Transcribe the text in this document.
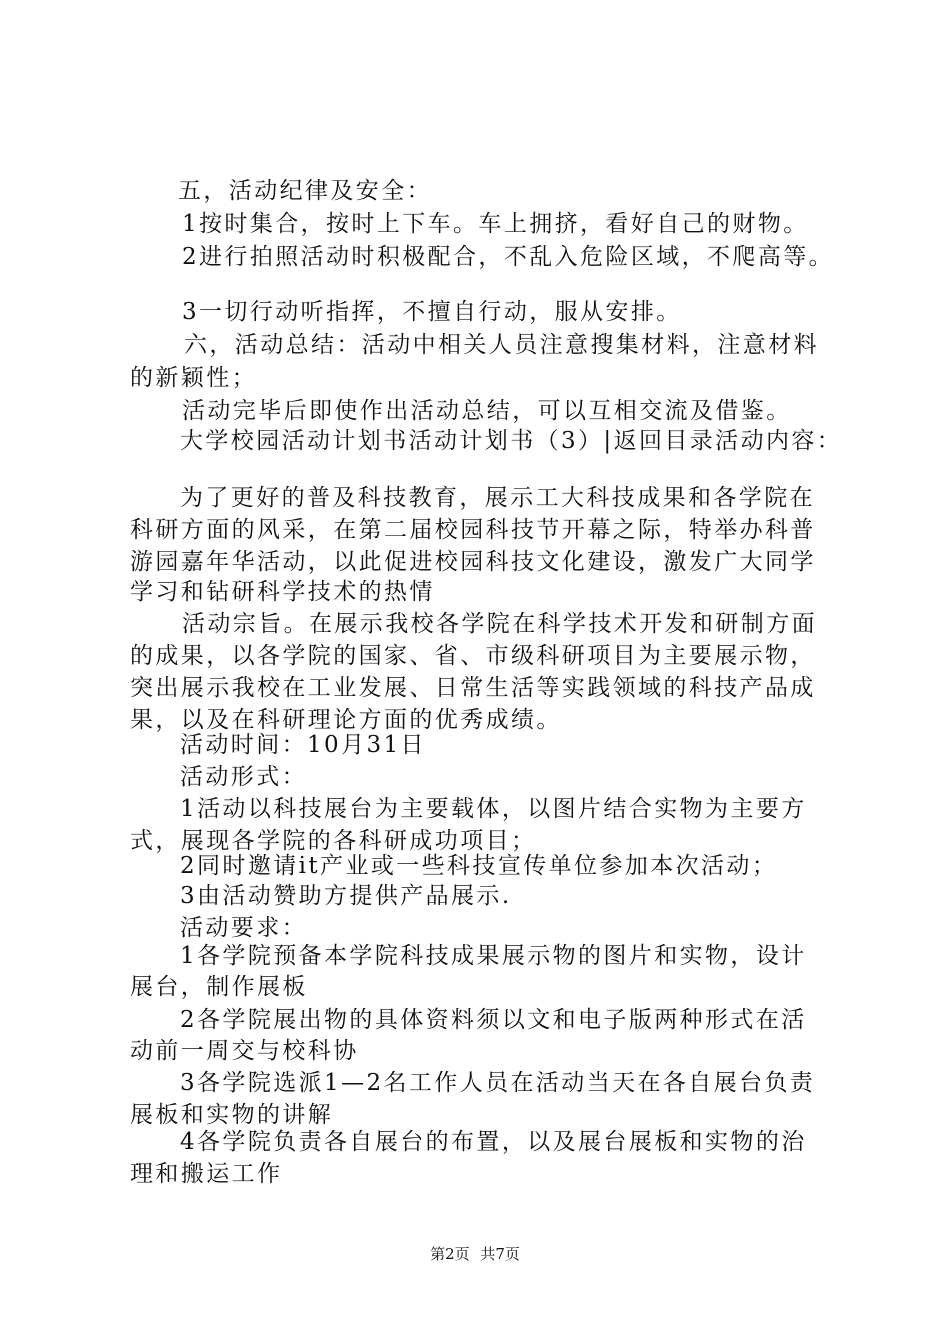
五，活动纪律及安全：
1按时集合，按时上下车。车上拥挤，看好自己的财物。
2进行拍照活动时积极配合，不乱入危险区域，不爬高等。
3一切行动听指挥，不擅自行动，服从安排。
六，活动总结：活动中相关人员注意搜集材料，注意材料
的新颖性；
活动完毕后即使作出活动总结，可以互相交流及借鉴。
大学校园活动计划书活动计划书（3）|返回目录活动内容：
为了更好的普及科技教育，展示工大科技成果和各学院在
科研方面的风采，在第二届校园科技节开幕之际，特举办科普
游园嘉年华活动，以此促进校园科技文化建设，激发广大同学
学习和钻研科学技术的热情
活动宗旨。在展示我校各学院在科学技术开发和研制方面
的成果，以各学院的国家、省、市级科研项目为主要展示物，
突出展示我校在工业发展、日常生活等实践领域的科技产品成
果，以及在科研理论方面的优秀成绩。
活动时间：10月31日
活动形式：
1活动以科技展台为主要载体，以图片结合实物为主要方
式，展现各学院的各科研成功项目；
2同时邀请it产业或一些科技宣传单位参加本次活动；
3由活动赞助方提供产品展示.
活动要求：
1各学院预备本学院科技成果展示物的图片和实物，设计
展台，制作展板
2各学院展出物的具体资料须以文和电子版两种形式在活
动前一周交与校科协
3各学院选派1—2名工作人员在活动当天在各自展台负责
展板和实物的讲解
4各学院负责各自展台的布置，以及展台展板和实物的治
理和搬运工作
第2页 共7页
